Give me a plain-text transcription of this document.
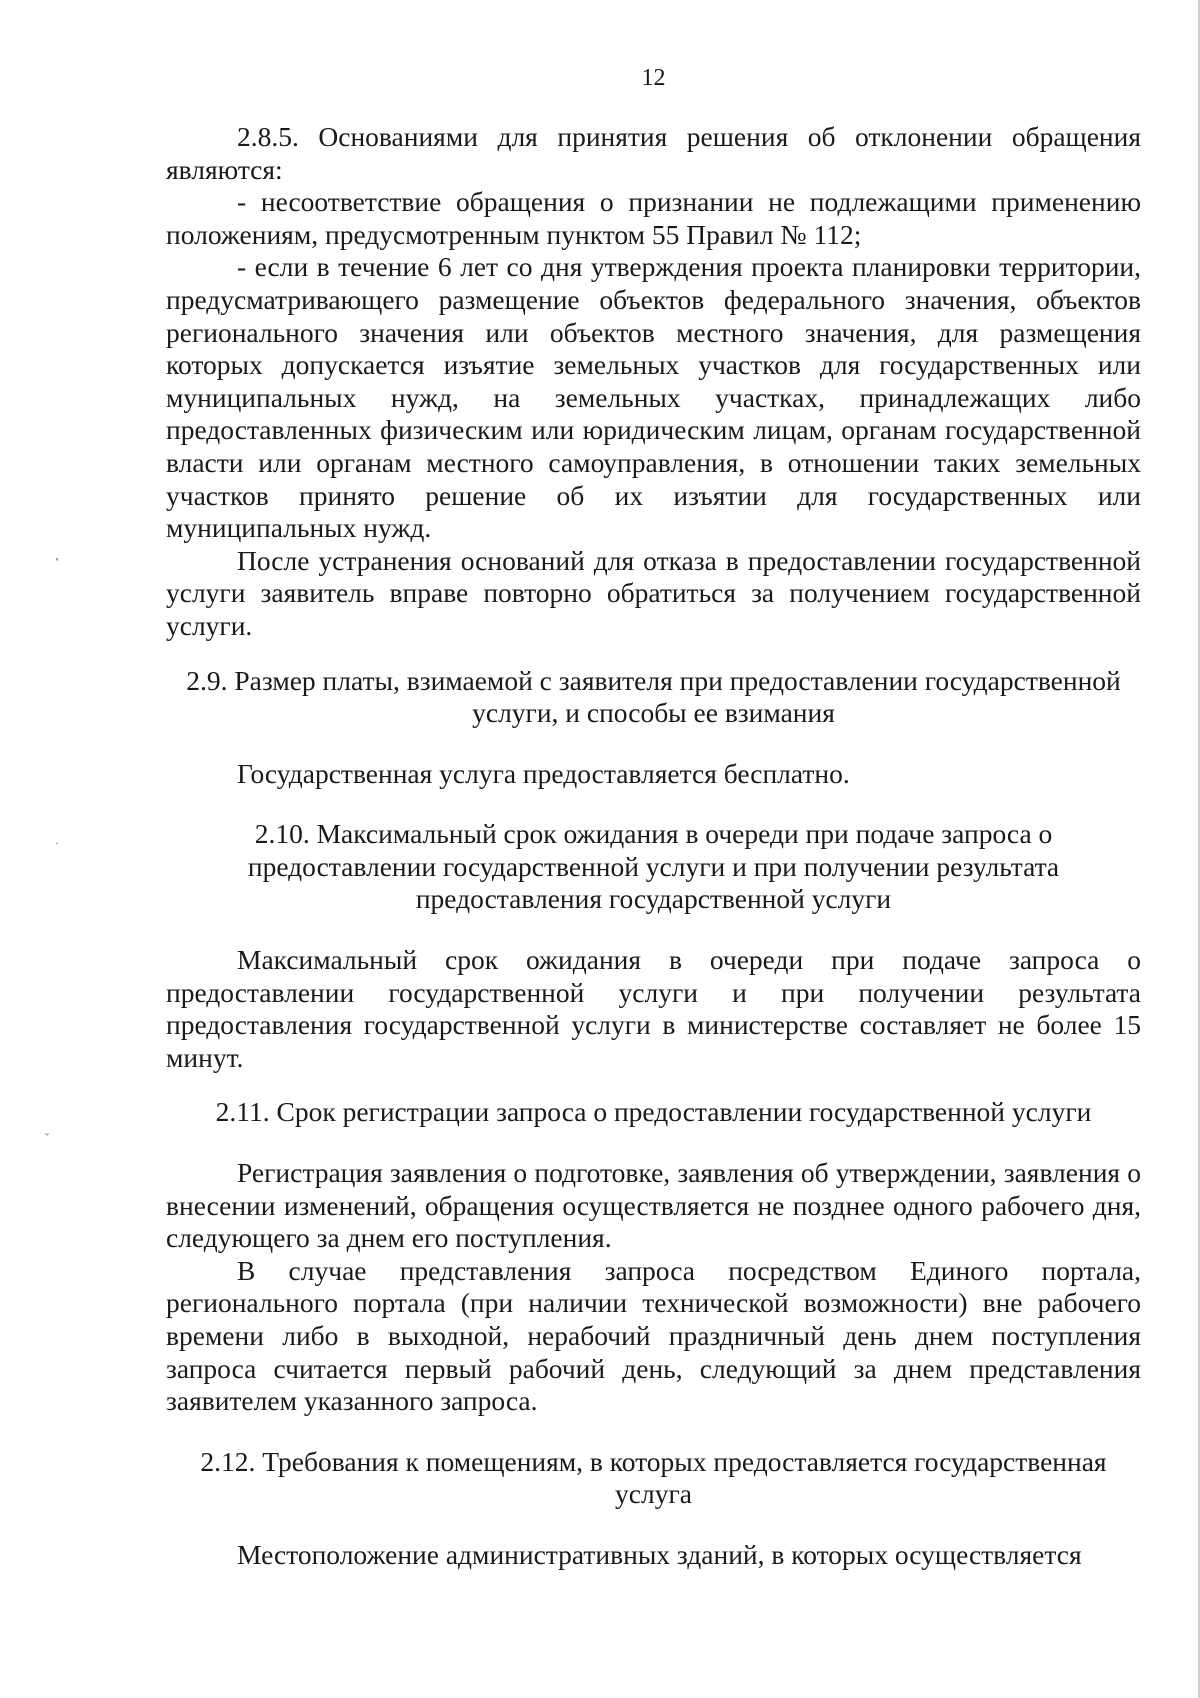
˟
˙
ˇ
12

2.8.5. Основаниями для принятия решения об отклонении обращения являются:

- несоответствие обращения о признании не подлежащими применению положениям, предусмотренным пунктом 55 Правил № 112;

- если в течение 6 лет со дня утверждения проекта планировки территории, предусматривающего размещение объектов федерального значения, объектов регионального значения или объектов местного значения, для размещения которых допускается изъятие земельных участков для государственных или муниципальных нужд, на земельных участках, принадлежащих либо предоставленных физическим или юридическим лицам, органам государственной власти или органам местного самоуправления, в отношении таких земельных участков принято решение об их изъятии для государственных или муниципальных нужд.

После устранения оснований для отказа в предоставлении государственной услуги заявитель вправе повторно обратиться за получением государственной услуги.

2.9. Размер платы, взимаемой с заявителя при предоставлении государственной услуги, и способы ее взимания

Государственная услуга предоставляется бесплатно.

2.10. Максимальный срок ожидания в очереди при подаче запроса о предоставлении государственной услуги и при получении результата предоставления государственной услуги

Максимальный срок ожидания в очереди при подаче запроса о предоставлении государственной услуги и при получении результата предоставления государственной услуги в министерстве составляет не более 15 минут.

2.11. Срок регистрации запроса о предоставлении государственной услуги

Регистрация заявления о подготовке, заявления об утверждении, заявления о внесении изменений, обращения осуществляется не позднее одного рабочего дня, следующего за днем его поступления.

В случае представления запроса посредством Единого портала, регионального портала (при наличии технической возможности) вне рабочего времени либо в выходной, нерабочий праздничный день днем поступления запроса считается первый рабочий день, следующий за днем представления заявителем указанного запроса.

2.12. Требования к помещениям, в которых предоставляется государственная услуга

Местоположение административных зданий, в которых осуществляется
